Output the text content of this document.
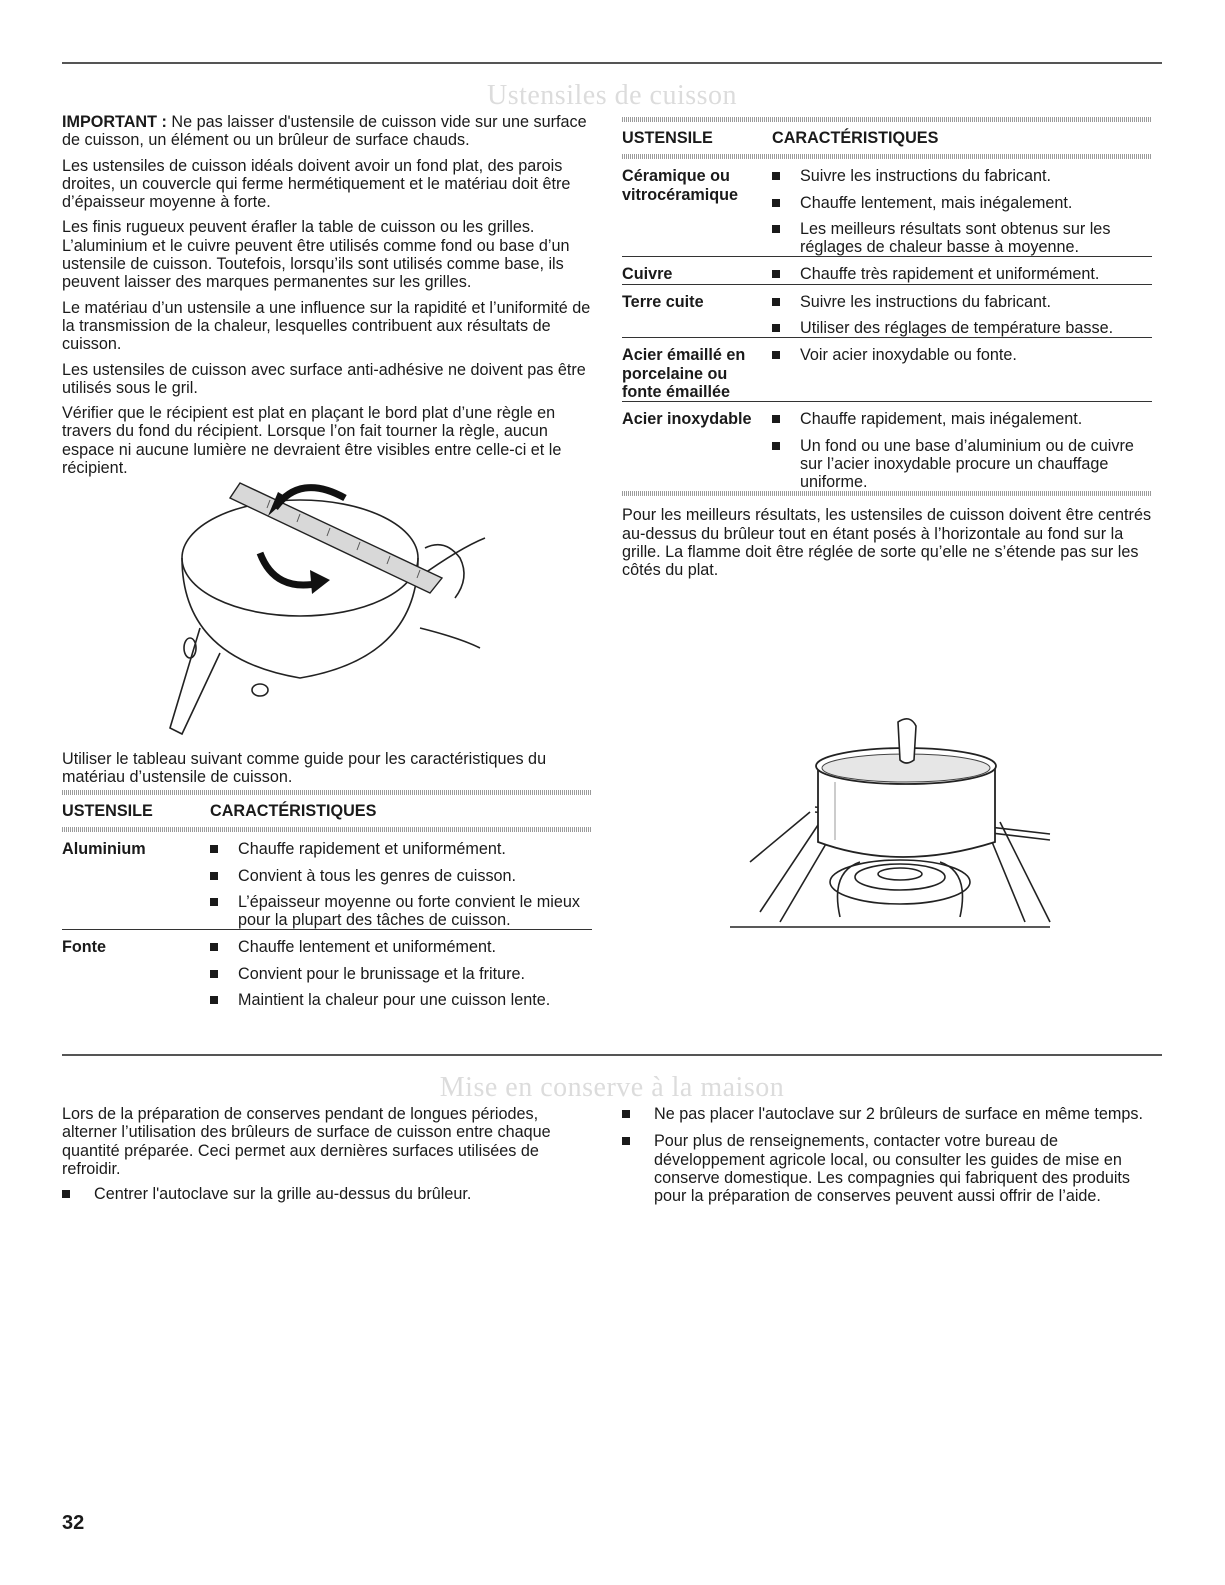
Ustensiles de cuisson

IMPORTANT : Ne pas laisser d'ustensile de cuisson vide sur une surface de cuisson, un élément ou un brûleur de surface chauds.

Les ustensiles de cuisson idéals doivent avoir un fond plat, des parois droites, un couvercle qui ferme hermétiquement et le matériau doit être d’épaisseur moyenne à forte.

Les finis rugueux peuvent érafler la table de cuisson ou les grilles. L’aluminium et le cuivre peuvent être utilisés comme fond ou base d’un ustensile de cuisson. Toutefois, lorsqu’ils sont utilisés comme base, ils peuvent laisser des marques permanentes sur les grilles.

Le matériau d’un ustensile a une influence sur la rapidité et l’uniformité de la transmission de la chaleur, lesquelles contribuent aux résultats de cuisson.

Les ustensiles de cuisson avec surface anti-adhésive ne doivent pas être utilisés sous le gril.

Vérifier que le récipient est plat en plaçant le bord plat d’une règle en travers du fond du récipient. Lorsque l’on fait tourner la règle, aucun espace ni aucune lumière ne devraient être visibles entre celle-ci et le récipient.

Utiliser le tableau suivant comme guide pour les caractéristiques du matériau d’ustensile de cuisson.

USTENSILE	CARACTÉRISTIQUES
Aluminium	Chauffe rapidement et uniformément.
Convient à tous les genres de cuisson.
L’épaisseur moyenne ou forte convient le mieux pour la plupart des tâches de cuisson.

Fonte	Chauffe lentement et uniformément.
Convient pour le brunissage et la friture.
Maintient la chaleur pour une cuisson lente.
USTENSILE	CARACTÉRISTIQUES
Céramique ou vitrocéramique	Suivre les instructions du fabricant.
Chauffe lentement, mais inégalement.
Les meilleurs résultats sont obtenus sur les réglages de chaleur basse à moyenne.

Cuivre	Chauffe très rapidement et uniformément.

Terre cuite	Suivre les instructions du fabricant.
Utiliser des réglages de température basse.

Acier émaillé en porcelaine ou fonte émaillée	Voir acier inoxydable ou fonte.

Acier inoxydable	Chauffe rapidement, mais inégalement.
Un fond ou une base d’aluminium ou de cuivre sur l’acier inoxydable procure un chauffage uniforme.

Pour les meilleurs résultats, les ustensiles de cuisson doivent être centrés au-dessus du brûleur tout en étant posés à l’horizontale au fond sur la grille. La flamme doit être réglée de sorte qu’elle ne s’étende pas sur les côtés du plat.

Mise en conserve à la maison

Lors de la préparation de conserves pendant de longues périodes, alterner l’utilisation des brûleurs de surface de cuisson entre chaque quantité préparée. Ceci permet aux dernières surfaces utilisées de refroidir.

Centrer l'autoclave sur la grille au-dessus du brûleur.
Ne pas placer l'autoclave sur 2 brûleurs de surface en même temps.
Pour plus de renseignements, contacter votre bureau de développement agricole local, ou consulter les guides de mise en conserve domestique. Les compagnies qui fabriquent des produits pour la préparation de conserves peuvent aussi offrir de l’aide.
32
